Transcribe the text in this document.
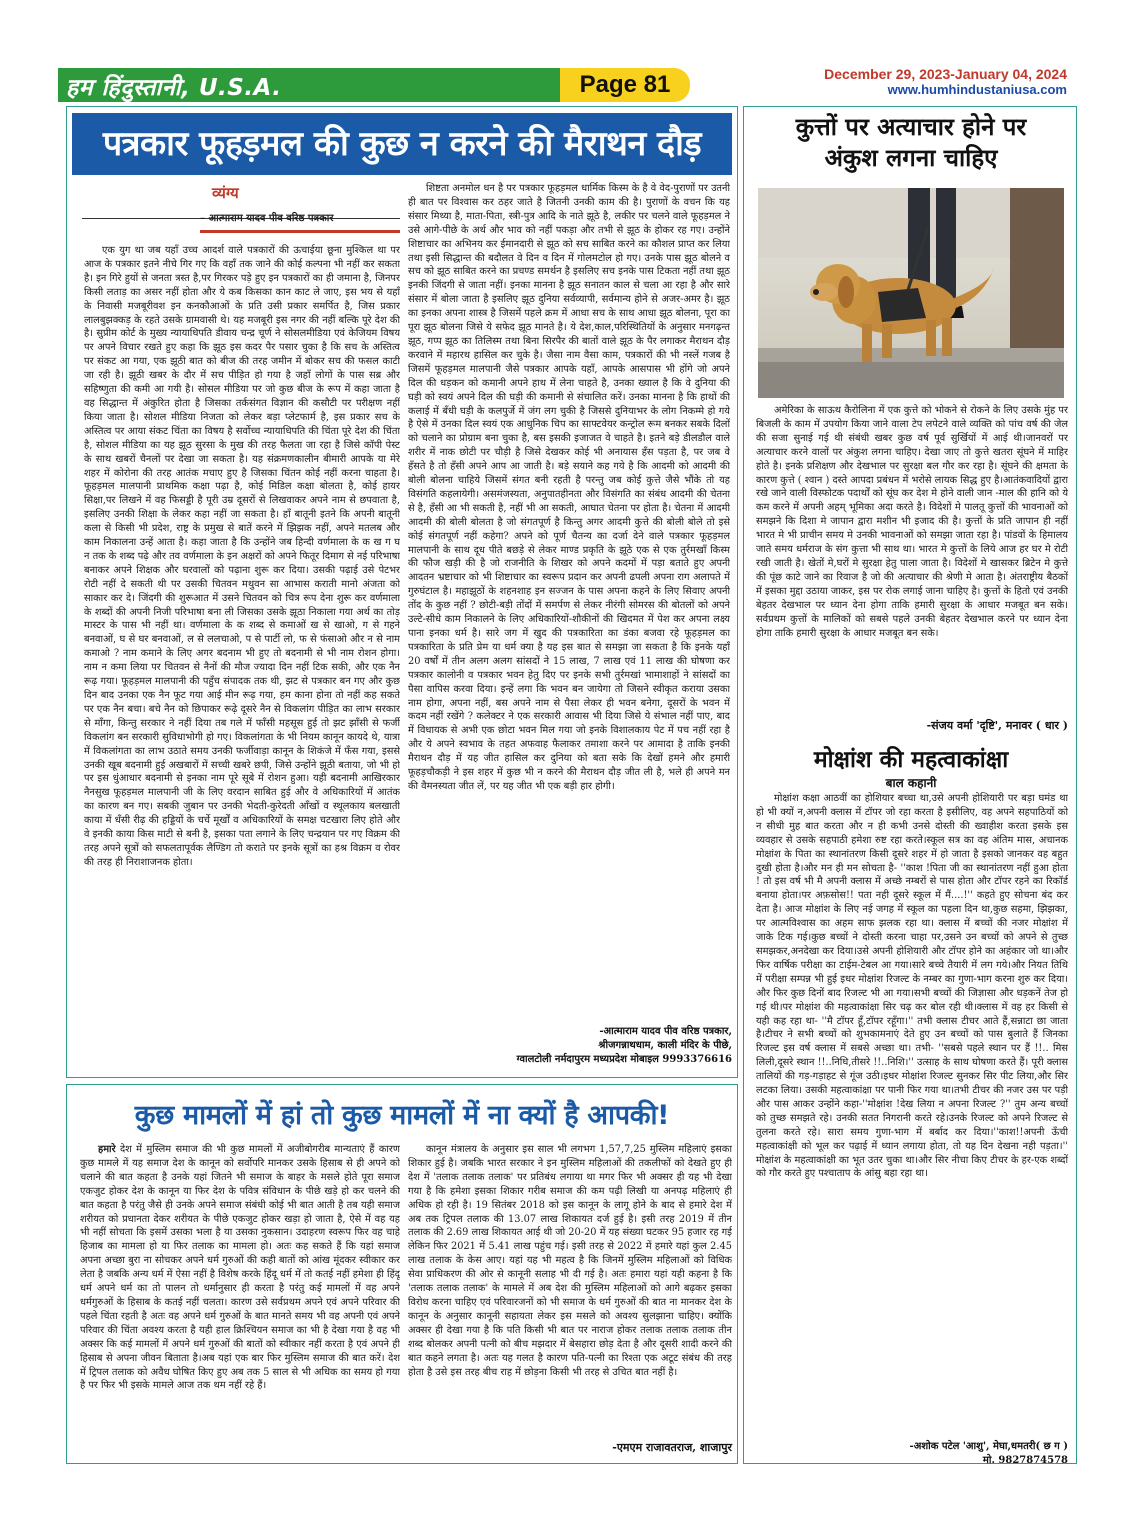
हम हिंदुस्तानी, U.S.A.	Page 81	December 29, 2023-January 04, 2024
www.humhindustaniusa.com
पत्रकार फूहड़मल की कुछ न करने की मैराथन दौड़
व्यंग्य
– आत्माराम यादव पीव वरिष्ठ पत्रकार

एक युग था जब यहाँ उच्च आदर्श वाले पत्रकारों की ऊचाईया छूना मुश्किल था पर आज के पत्रकार इतने नीचे गिर गए कि वहाँ तक जाने की कोई कल्पना भी नहीं कर सकता है। इन गिरे हुयों से जनता त्रस्त है,पर गिरकर पड़े हुए इन पत्रकारों का ही जमाना है, जिनपर किसी लताड़ का असर नहीं होता और ये कब किसका कान काट ले जाए, इस भय से यहाँ के निवासी मजबूरीवश इन कनकौआओं के प्रति उसी प्रकार समर्पित है, जिस प्रकार लालबुझक्कड़ के रहते उसके ग्रामवासी थे। यह मजबूरी इस नगर की नहीं बल्कि पूरे देश की है। सुप्रीम कोर्ट के मुख्य न्यायाधिपति डीवाय चन्द्र चूर्ण ने सोसलमीडिया एवं केजियम विषय पर अपने विचार रखते हुए कहा कि झूठ इस कदर पैर पसार चुका है कि सच के अस्तित्व पर संकट आ गया, एक झूठी बात को बीज की तरह जमीन में बोकर सच की फसल काटी जा रही है। झूठी खबर के दौर में सच पीड़ित हो गया है जहाँ लोगों के पास सब्र और सहिष्णुता की कमी आ गयी है। सोसल मीडिया पर जो कुछ बीज के रूप में कहा जाता है वह सिद्धान्त में अंकुरित होता है जिसका तर्कसंगत विज्ञान की कसौटी पर परीक्षण नहीं किया जाता है। सोशल मीडिया निजता को लेकर बड़ा प्लेटफार्म है, इस प्रकार सच के अस्तित्व पर आया संकट चिंता का विषय है सर्वोच्च न्यायाधिपति की चिंता पूरे देश की चिंता है, सोशल मीडिया का यह झूठ सुरसा के मुख की तरह फैलता जा रहा है जिसे कॉपी पेस्ट के साथ खबरों चैनलों पर देखा जा सकता है। यह संक्रमणकालीन बीमारी आपके या मेरे शहर में कोरोना की तरह आतंक मचाए हुए है जिसका चिंतन कोई नहीं करना चाहता है। फूहड़मल मालपानी प्राथमिक कक्षा पढ़ा है, कोई मिडिल कक्षा बोलता है, कोई हायर सिक्षा,पर लिखने में वह फिसड्डी है पूरी उम्र दूसरों से लिखवाकर अपने नाम से छपवाता है, इसलिए उनकी शिक्षा के लेकर कहा नहीं जा सकता है। हाँ बातूनी इतने कि अपनी बातूनी कला से किसी भी प्रदेश, राष्ट्र के प्रमुख से बातें करने में झिझक नहीं, अपने मतलब और काम निकालना उन्हें आता है। कहा जाता है कि उन्होंने जब हिन्दी वर्णमाला के क ख ग घ न तक के शब्द पढ़े और तव वर्णमाला के इन अक्षरों को अपने फितूर दिमाग से नई परिभाषा बनाकर अपने शिक्षक और घरवालों को पढ़ाना शुरू कर दिया। उसकी पढ़ाई उसे पेटभर रोटी नहीं दे सकती थी पर उसकी चितवन मथुवन सा आभास कराती मानो अंजता को साकार कर दे। जिंदगी की शुरूआत में उसने चितवन को चित्र रूप देना शुरू कर वर्णमाला के शब्दों की अपनी निजी परिभाषा बना ली जिसका उसके झूठा निकाला गया अर्थ का तोड़ मास्टर के पास भी नहीं था। वर्णमाला के क शब्द से कमाओं ख से खाओ, ग से गहने बनवाओं, घ से घर बनवाओं, ल से ललचाओ, प से पार्टी लो, फ से फंसाओ और न से नाम कमाओ ? नाम कमाने के लिए अगर बदनाम भी हुए तो बदनामी से भी नाम रोशन होगा। नाम न कमा लिया पर चितवन से नैनों की मौज ज्यादा दिन नहीं टिक सकी, और एक नैन रूढ़ गया। फूहड़मल मालपानी की पहुँच संपादक तक थी, झट से पत्रकार बन गए और कुछ दिन बाद उनका एक नैन फूट गया आई मीन रूढ़ गया, हम काना होना तो नहीं कह सकते पर एक नैन बचा। बचे नैन को छिपाकर रूढ़े दूसरे नैन से विकलांग पीड़ित का लाभ सरकार से माँगा, किन्तु सरकार ने नहीं दिया तब गले में फाँसी महसूस हुई तो झट झाँसी से फर्जी विकलांग बन सरकारी सुविधाभोगी हो गए। विकलांगता के भी नियम कानून कायदे थे, यात्रा में विकलांगता का लाभ उठाते समय उनकी फर्जीवाड़ा कानून के शिकंजे में फँस गया, इससे उनकी खूब बदनामी हुई अखबारों में सच्ची खबरे छपी, जिसे उन्होंने झूठी बताया, जो भी हो पर इस धुंआधार बदनामी से इनका नाम पूरे सूबे में रोशन हुआ। यही बदनामी आखिरकार नैनसुख फूहड़मल मालपानी जी के लिए वरदान साबित हुई और वे अधिकारियों में आतंक का कारण बन गए। सबकी जुबान पर उनकी भेदती-कुरेदती आँखों व स्थूलकाय बलखाती काया में धँसी रीढ़ की हड्डियों के चर्चे मूर्खों व अधिकारियों के समक्ष चटखारा लिए होते और वे इनकी काया किस माटी से बनी है, इसका पता लगाने के लिए चन्द्रयान पर गए विक्रम की तरह अपने सूत्रों को सफलतापूर्वक लैण्डिग तो कराते पर इनके सूत्रों का हश्र विक्रम व रोवर की तरह ही निराशाजनक होता।

शिष्टता अनमोल धन है पर पत्रकार फूहड़मल धार्मिक किस्म के है वे वेद-पुराणों पर उतनी ही बात पर विश्वास कर ठहर जाते है जितनी उनकी काम की है। पुराणों के वचन कि यह संसार मिथ्या है, माता-पिता, स्त्री-पुत्र आदि के नाते झूठे है, लकीर पर चलने वाले फूहड़मल ने उसे आगे-पीछे के अर्थ और भाव को नहीं पकड़ा और तभी से झूठ के होकर रह गए। उन्होंने शिष्टाचार का अभिनय कर ईमानदारी से झूठ को सच साबित करने का कौशल प्राप्त कर लिया तथा इसी सिद्धान्त की बदौलत वे दिन व दिन में गोलमटोल हो गए। उनके पास झूठ बोलने व सच को झूठ साबित करने का प्रचण्ड समर्थन है इसलिए सच इनके पास टिकता नहीं तथा झूठ इनकी जिंदगी से जाता नहीं। इनका मानना है झूठ सनातन काल से चला आ रहा है और सारे संसार में बोला जाता है इसलिए झूठ दुनिया सर्वव्यापी, सर्वमान्य होने से अजर-अमर है। झूठ का इनका अपना शास्त्र है जिसमें पहले क्रम में आधा सच के साथ आधा झूठ बोलना, पूरा का पूरा झूठ बोलना जिसे ये सफेद झूठ मानते है। ये देश,काल,परिस्थितियों के अनुसार मनगढ़न्त झूठ, गप्प झूठ का तिलिस्म तथा बिना सिरपैर की बातों वाले झूठ के पैर लगाकर मैराथन दौड़ करवाने में महारथ हासिल कर चुके है। जैसा नाम वैसा काम, पत्रकारों की भी नस्लें गजब है जिसमें फूहड़मल मालपानी जैसे पत्रकार आपके यहाँ, आपके आसपास भी होंगे जो अपने दिल की धड़कन को कमानी अपने हाथ में लेना चाहते है, उनका ख्याल है कि वे दुनिया की घड़ी को स्वयं अपने दिल की घड़ी की कमानी से संचालित करें। उनका मानना है कि हाथों की कलाई में बँधी घड़ी के कलपुर्जे में जंग लग चुकी है जिससे दुनियाभर के लोग निकम्मे हो गये है ऐसे में उनका दिल स्वयं एक आधुनिक चिप का साफ्टवेयर कन्ट्रोल रूम बनकर सबके दिलों को चलाने का प्रोग्राम बना चुका है, बस इसकी इजाजत वे चाहते है। इतने बड़े डीलडौल वाले शरीर में नाक छोटी पर चौड़ी है जिसे देखकर कोई भी अनायास हँस पड़ता है, पर जब वे हँसते है तो हँसी अपने आप आ जाती है। बड़े सयाने कह गये है कि आदमी को आदमी की बोली बोलना चाहिये जिसमें संगत बनी रहती है परन्तु जब कोई कुत्ते जैसे भौंके तो यह विसंगति कहलायेगी। असमंजस्यता, अनुपातहीनता और विसंगति का संबंध आदमी की चेतना से है, हँसी आ भी सकती है, नहीं भी आ सकती, आघात चेतना पर होता है। चेतना में आदमी आदमी की बोली बोलता है जो संगतपूर्ण है किन्तु अगर आदमी कुत्ते की बोली बोले तो इसे कोई संगतपूर्ण नहीं कहेगा? अपने को पूर्ण चैतन्य का दर्जा देने वाले पत्रकार फूहड़मल मालपानी के साथ दूध पीते बछड़े से लेकर माण्ड प्रकृति के झूठे एक से एक तुर्रमखाँ किस्म की फौज खड़ी की है जो राजनीति के शिखर को अपने कदमों में पड़ा बताते हुए अपनी आदतन भ्रष्टाचार को भी शिष्टाचार का स्वरूप प्रदान कर अपनी ढपली अपना राग अलापते में गुरुघंटाल है। महाझूठों के शहनशाह इन सज्जन के पास अपना कहने के लिए सिवाए अपनी तोंद के कुछ नहीं ? छोटी-बड़ी तोंदों में समर्पण से लेकर नीरंगी सोमरस की बोतलों को अपने उल्टे-सीधे काम निकालने के लिए अधिकारियों-शौकीनों की खिदमत में पेश कर अपना लक्ष्य पाना इनका धर्म है। सारे जग में खुद की पत्रकारिता का डंका बजवा रहे फूहड़मल का पत्रकारिता के प्रति प्रेम या धर्म क्या है यह इस बात से समझा जा सकता है कि इनके यहाँ 20 वर्षों में तीन अलग अलग सांसदों ने 15 लाख, 7 लाख एवं 11 लाख की घोषणा कर पत्रकार कालोनी व पत्रकार भवन हेतु दिए पर इनके सभी तुर्रमखां भामाशाहों ने सांसदों का पैसा वापिस करवा दिया। इन्हें लगा कि भवन बन जायेगा तो जिसने स्वीकृत कराया उसका नाम होगा, अपना नहीं, बस अपने नाम से पैसा लेकर ही भवन बनेगा, दूसरों के भवन में कदम नहीं रखेंगे ? कलेक्टर ने एक सरकारी आवास भी दिया जिसे ये संभाल नहीं पाए, बाद में विधायक से अभी एक छोटा भवन मिल गया जो इनके विशालकाय पेट में पच नहीं रहा है और ये अपने स्वभाव के तहत अफवाह फैलाकर तमाशा करने पर आमादा है ताकि इनकी मैराथन दौड़ में यह जीत हासिल कर दुनिया को बता सके कि देखों हमने और हमारी फूहड़चौकड़ी ने इस शहर में कुछ भी न करने की मैराथन दौड़ जीत ली है, भले ही अपने मन की वैमनस्यता जीत लें, पर यह जीत भी एक बड़ी हार होगी।

-आत्माराम यादव पीव वरिष्ठ पत्रकार,
श्रीजगन्नाथधाम, काली मंदिर के पीछे,
ग्वालटोली नर्मदापुरम मध्यप्रदेश मोबाइल 9993376616
कुत्तों पर अत्याचार होने पर
अंकुश लगना चाहिए

अमेरिका के साऊथ कैरोलिना में एक कुत्ते को भोकने से रोकने के लिए उसके मुंह पर बिजली के काम में उपयोग किया जाने वाला टेप लपेटने वाले व्यक्ति को पांच वर्ष की जेल की सजा सुनाई गई थी संबंधी खबर कुछ वर्ष पूर्व सुर्खियों में आई थी।जानवरों पर अत्याचार करने वालों पर अंकुश लगना चाहिए। देखा जाए तो कुत्ते खतरा सूंघने में माहिर होते है। इनके प्रशिक्षण और देखभाल पर सुरक्षा बल गौर कर रहा है। सूंघने की क्षमता के कारण कुत्ते ( श्वान ) दस्ते आपदा प्रबंधन में भरोसे लायक सिद्ध हुए है।आतंकवादियों द्वारा रखे जाने वाली विस्फोटक पदार्थों को सूंघ कर देश मे होने वाली जान -माल की हानि को ये कम करने में अपनी अहम् भूमिका अदा करते है। विदेशों मे पालतू कुत्तों की भावनाओं को समझने कि दिशा मे जापान द्वारा मशीन भी इजाद की है। कुत्तों के प्रति जापान ही नहीं भारत मे भी प्राचीन समय मे उनकी भावनाओं को समझा जाता रहा है। पांडवों के हिमालय जाते समय धर्मराज के संग कुत्ता भी साथ था। भारत मे कुत्तों के लिये आज हर घर मे रोटी रखी जाती है। खेतों मे,घरों मे सुरक्षा हेतु पाला जाता है। विदेशों मे खासकर ब्रिटेन मे कुत्ते की पूंछ काटे जाने का रिवाज है जो की अत्याचार की श्रेणी मे आता है। अंतराष्ट्रीय बैठकों में इसका मुद्दा उठाया जाकर, इस पर रोक लगाई जाना चाहिए है। कुत्तों के हितो एवं उनकी बेहतर देखभाल पर ध्यान देना होगा ताकि हमारी सुरक्षा के आधार मजबूत बन सके। सर्वप्रथम कुत्तों के मालिकों को सबसे पहले उनकी बेहतर देखभाल करने पर ध्यान देना होगा ताकि हमारी सुरक्षा के आधार मजबूत बन सके।

-संजय वर्मा 'दृष्टि', मनावर ( धार )
मोक्षांश की महत्वाकांक्षा
बाल कहानी

मोक्षांश कक्षा आठवीं का होशियार बच्चा था,उसे अपनी होशियारी पर बड़ा घमंड था हो भी क्यों न,अपनी क्लास में टॉपर जो रहा करता है इसीलिए, वह अपने सहपाठियों को न सीधी मुह बात करता और न ही कभी उनसे दोस्ती की ख्वाहीश करता इसके इस व्यवहार से उसके सहपाठी हमेशा रुष्ट रहा करते।स्कूल सत्र का वह अंतिम मास, अचानक मोक्षांश के पिता का स्थानांतरण किसी दूसरे शहर में हो जाता है इसको जानकर वह बहुत दुखी होता है।और मन ही मन सोचता है- ''काश !पिता जी का स्थानांतरण नहीं हुआ होता ! तो इस वर्ष भी मै अपनी क्लास में अच्छे नम्बरों से पास होता और टॉपर रहने का रिकॉर्ड बनाया होता।पर अफ़सोस!! पता नही दूसरे स्कूल में मैं....!'' कहते हुए सोचना बंद कर देता है। आज मोक्षांश के लिए नई जगह में स्कूल का पहला दिन था,कुछ सहमा, झिझका, पर आत्मविश्वास का अहम साफ झलक रहा था। क्लास में बच्चों की नजर मोक्षांश में जाके टिक गई।कुछ बच्चों ने दोस्ती करना चाहा पर,उसने उन बच्चों को अपने से तुच्छ समझकर,अनदेखा कर दिया।उसे अपनी होशियारी और टॉपर होने का अहंकार जो था।और फिर वार्षिक परीक्षा का टाईम-टेबल आ गया।सारे बच्चे तैयारी में लग गये।और नियत तिथि में परीक्षा सम्पन्न भी हुई इधर मोक्षांश रिजल्ट के नम्बर का गुणा-भाग करना शुरु कर दिया।और फिर कुछ दिनों बाद रिजल्ट भी आ गया।सभी बच्चों की जिज्ञासा और धड़कनें तेज हो गई थी।पर मोक्षांश की महत्वाकांक्षा सिर चढ़ कर बोल रही थी।क्लास में वह हर किसी से यही कह रहा था- ''मै टॉपर हूँ,टॉपर रहूँगा।'' तभी क्लास टीचर आते हैं,सन्नाटा छा जाता है।टीचर ने सभी बच्चों को शुभकामनाएं देते हुए उन बच्चों को पास बुलाते हैं जिनका रिजल्ट इस वर्ष क्लास में सबसे अच्छा था। तभी- ''सबसे पहले स्थान पर हैं !!.. मिस लिली,दूसरे स्थान !!..निधि,तीसरे !!..निशि।'' उत्साह के साथ घोषणा करते हैं। पूरी क्लास तालियों की गड़-गड़ाहट से गूंज उठी।इधर मोक्षांश रिजल्ट सुनकर सिर पीट लिया,और सिर लटका लिया। उसकी महत्वाकांक्षा पर पानी फिर गया था।तभी टीचर की नजर उस पर पड़ी और पास आकर उन्होंने कहा-''मोक्षांश !देख लिया न अपना रिजल्ट ?'' तुम अन्य बच्चों को तुच्छ समझते रहे। उनकी सतत निगरानी करते रहे।उनके रिजल्ट को अपने रिजल्ट से तुलना करते रहे। सारा समय गुणा-भाग में बर्बाद कर दिया।''काश!!अपनी ऊँची महत्वाकांक्षी को भूल कर पढ़ाई में ध्यान लगाया होता, तो यह दिन देखना नही पड़ता।'' मोक्षांश के महत्वाकांक्षी का भूत उतर चुका था।और सिर नीचा किए टीचर के हर-एक शब्दों को गौर करते हुए पश्चाताप के आंसु बहा रहा था।

-अशोक पटेल 'आशु', मेघा,धमतरी( छ ग )
मो. 9827874578
कुछ मामलों में हां तो कुछ मामलों में ना क्यों है आपकी!

हमारे देश में मुस्लिम समाज की भी कुछ मामलों में अजीबोगरीब मान्यताएं हैं कारण कुछ मामले में यह समाज देश के कानून को सर्वोपरि मानकर उसके हिसाब से ही अपने को चलाने की बात कहता है उनके यहां जितने भी समाज के बाहर के मसले होते पूरा समाज एकजुट होकर देश के कानून या फिर देश के पवित्र संविधान के पीछे खड़े हो कर चलने की बात कहता है परंतु जैसे ही उनके अपने समाज संबंधी कोई भी बात आती है तब यही समाज शरीयत को प्रधानता देकर शरीयत के पीछे एकजुट होकर खड़ा हो जाता है, ऐसे में वह यह भी नहीं सोचता कि इसमें उसका भला है या उसका नुकसान। उदाहरण स्वरूप फिर वह चाहे हिजाब का मामला हो या फिर तलाक का मामला हो। अतः कह सकते हैं कि यहां समाज अपना अच्छा बुरा ना सोचकर अपने धर्म गुरुओं की कही बातों को आंख मूंदकर स्वीकार कर लेता है जबकि अन्य धर्म में ऐसा नहीं है विशेष करके हिंदू धर्म में तो कतई नहीं हमेशा ही हिंदू धर्म अपने धर्म का तो पालन तो धर्मानुसार ही करता है परंतु कई मामलों में वह अपने धर्मगुरुओं के हिसाब के कतई नहीं चलता। कारण उसे सर्वप्रथम अपने एवं अपने परिवार की पहले चिंता रहती है अतः वह अपने धर्म गुरुओं के बात मानते समय भी वह अपनी एवं अपने परिवार की चिंता अवश्य करता है यही हाल क्रिश्चियन समाज का भी है देखा गया है वह भी अक्सर कि कई मामलों में अपने धर्म गुरुओं की बातों को स्वीकार नहीं करता है एवं अपने ही हिसाब से अपना जीवन बिताता है।अब यहां एक बार फिर मुस्लिम समाज की बात करें। देश में ट्रिपल तलाक को अवैध घोषित किए हुए अब तक 5 साल से भी अधिक का समय हो गया है पर फिर भी इसके मामले आज तक थम नहीं रहे हैं।

कानून मंत्रालय के अनुसार इस साल भी लगभग 1,57,7,25 मुस्लिम महिलाएं इसका शिकार हुई है। जबकि भारत सरकार ने इन मुस्लिम महिलाओं की तकलीफों को देखते हुए ही देश में 'तलाक तलाक तलाक' पर प्रतिबंध लगाया था मगर फिर भी अक्सर ही यह भी देखा गया है कि हमेशा इसका शिकार गरीब समाज की कम पढ़ी लिखी या अनपढ़ महिलाएं ही अधिक हो रही है। 19 सितंबर 2018 को इस कानून के लागू होने के बाद से हमारे देश में अब तक ट्रिपल तलाक की 13.07 लाख शिकायत दर्ज हुई है। इसी तरह 2019 में तीन तलाक की 2.69 लाख शिकायत आई थी जो 20-20 में यह संख्या घटकर 95 हजार रह गई लेकिन फिर 2021 में 5.41 लाख पहुंच गई। इसी तरह से 2022 में हमारे यहां कुल 2.45 लाख तलाक के केस आए। यहां यह भी महत्व है कि जिनमें मुस्लिम महिलाओं को विधिक सेवा प्राधिकरण की ओर से कानूनी सलाह भी दी गई है। अतः हमारा यहां यही कहना है कि 'तलाक तलाक तलाक' के मामले में अब देश की मुस्लिम महिलाओं को आगे बढ़कर इसका विरोध करना चाहिए एवं परिवारजनों को भी समाज के धर्म गुरुओं की बात ना मानकर देश के कानून के अनुसार कानूनी सहायता लेकर इस मसले को अवश्य सुलझाना चाहिए। क्योंकि अक्सर ही देखा गया है कि पति किसी भी बात पर नाराज होकर तलाक तलाक तलाक तीन शब्द बोलकर अपनी पत्नी को बीच मझदार में बेसहारा छोड़ देता है और दूसरी शादी करने की बात कहने लगता है। अतः यह गलत है कारण पति-पत्नी का रिश्ता एक अटूट संबंध की तरह होता है उसे इस तरह बीच राह में छोड़ना किसी भी तरह से उचित बात नहीं है।

-एमएम राजावतराज, शाजापुर
